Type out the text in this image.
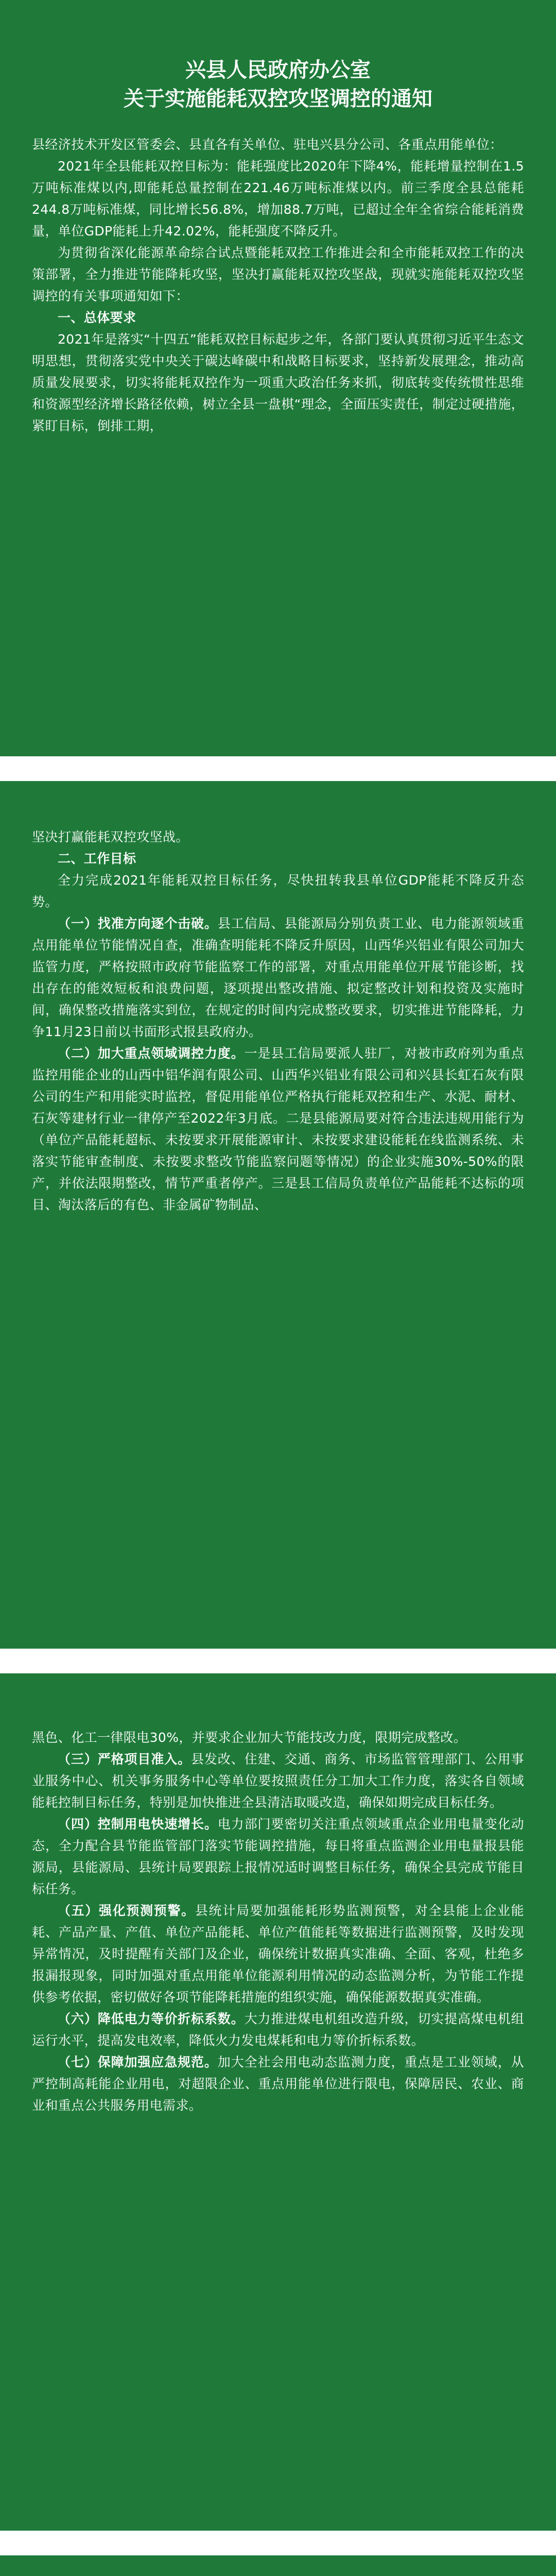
兴县人民政府办公室
关于实施能耗双控攻坚调控的通知

县经济技术开发区管委会、县直各有关单位、驻电兴县分公司、各重点用能单位：

2021年全县能耗双控目标为：能耗强度比2020年下降4%，能耗增量控制在1.5万吨标准煤以内,即能耗总量控制在221.46万吨标准煤以内。前三季度全县总能耗244.8万吨标准煤，同比增长56.8%，增加88.7万吨，已超过全年全省综合能耗消费量，单位GDP能耗上升42.02%，能耗强度不降反升。

为贯彻省深化能源革命综合试点暨能耗双控工作推进会和全市能耗双控工作的决策部署，全力推进节能降耗攻坚，坚决打赢能耗双控攻坚战，现就实施能耗双控攻坚调控的有关事项通知如下：

一、总体要求

2021年是落实“十四五”能耗双控目标起步之年，各部门要认真贯彻习近平生态文明思想，贯彻落实党中央关于碳达峰碳中和战略目标要求，坚持新发展理念，推动高质量发展要求，切实将能耗双控作为一项重大政治任务来抓，彻底转变传统惯性思维和资源型经济增长路径依赖，树立全县一盘棋“理念，全面压实责任，制定过硬措施，紧盯目标，倒排工期，

坚决打赢能耗双控攻坚战。

二、工作目标

全力完成2021年能耗双控目标任务，尽快扭转我县单位GDP能耗不降反升态势。

（一）找准方向逐个击破。县工信局、县能源局分别负责工业、电力能源领域重点用能单位节能情况自查，准确查明能耗不降反升原因，山西华兴铝业有限公司加大监管力度，严格按照市政府节能监察工作的部署，对重点用能单位开展节能诊断，找出存在的能效短板和浪费问题，逐项提出整改措施、拟定整改计划和投资及实施时间，确保整改措施落实到位，在规定的时间内完成整改要求，切实推进节能降耗，力争11月23日前以书面形式报县政府办。

（二）加大重点领域调控力度。一是县工信局要派人驻厂，对被市政府列为重点监控用能企业的山西中铝华润有限公司、山西华兴铝业有限公司和兴县长虹石灰有限公司的生产和用能实时监控，督促用能单位严格执行能耗双控和生产、水泥、耐材、石灰等建材行业一律停产至2022年3月底。二是县能源局要对符合违法违规用能行为（单位产品能耗超标、未按要求开展能源审计、未按要求建设能耗在线监测系统、未落实节能审查制度、未按要求整改节能监察问题等情况）的企业实施30%-50%的限产，并依法限期整改，情节严重者停产。三是县工信局负责单位产品能耗不达标的项目、淘汰落后的有色、非金属矿物制品、

黑色、化工一律限电30%，并要求企业加大节能技改力度，限期完成整改。

（三）严格项目准入。县发改、住建、交通、商务、市场监管管理部门、公用事业服务中心、机关事务服务中心等单位要按照责任分工加大工作力度，落实各自领域能耗控制目标任务，特别是加快推进全县清洁取暖改造，确保如期完成目标任务。

（四）控制用电快速增长。电力部门要密切关注重点领域重点企业用电量变化动态，全力配合县节能监管部门落实节能调控措施，每日将重点监测企业用电量报县能源局，县能源局、县统计局要跟踪上报情况适时调整目标任务，确保全县完成节能目标任务。

（五）强化预测预警。县统计局要加强能耗形势监测预警，对全县能上企业能耗、产品产量、产值、单位产品能耗、单位产值能耗等数据进行监测预警，及时发现异常情况，及时提醒有关部门及企业，确保统计数据真实准确、全面、客观，杜绝多报漏报现象，同时加强对重点用能单位能源利用情况的动态监测分析，为节能工作提供参考依据，密切做好各项节能降耗措施的组织实施，确保能源数据真实准确。

（六）降低电力等价折标系数。大力推进煤电机组改造升级，切实提高煤电机组运行水平，提高发电效率，降低火力发电煤耗和电力等价折标系数。

（七）保障加强应急规范。加大全社会用电动态监测力度，重点是工业领域，从严控制高耗能企业用电，对超限企业、重点用能单位进行限电，保障居民、农业、商业和重点公共服务用电需求。
